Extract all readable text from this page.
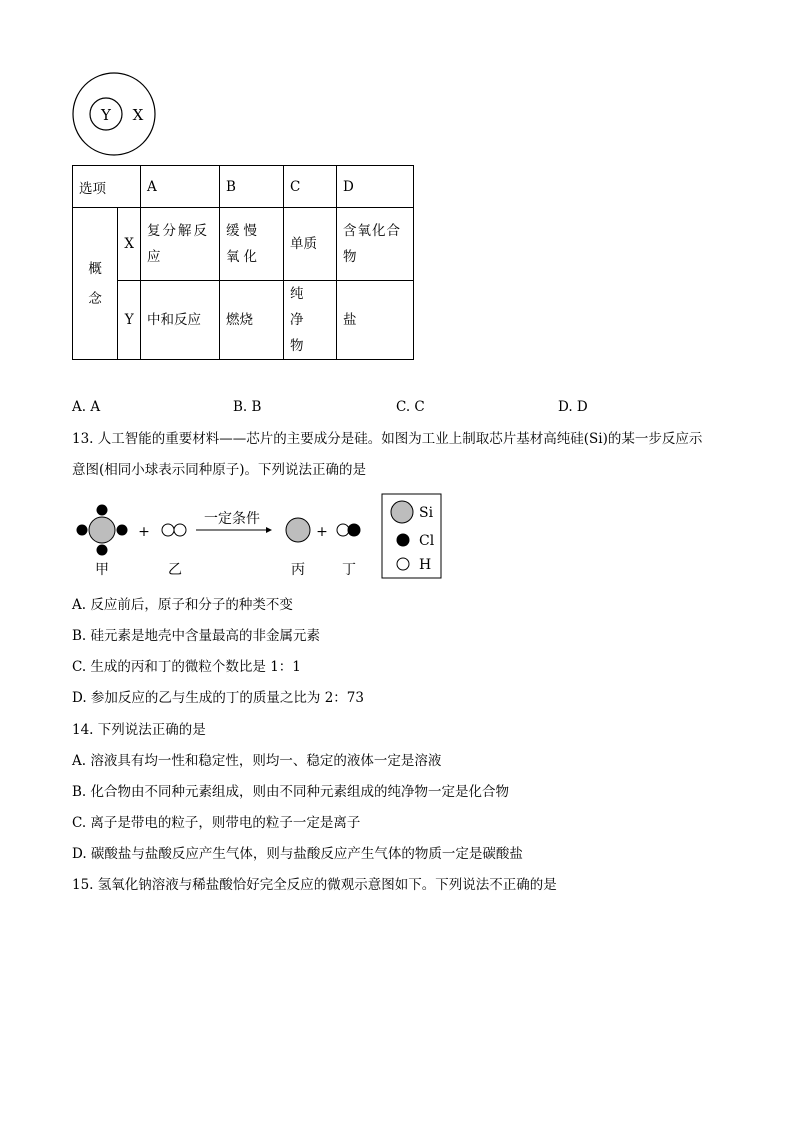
Y X
选项		A	B	C	D

概念	X	复分解反应	缓慢氧化	单质	含氧化合物

	Y	中和反应	燃烧	纯净物	盐
A. A	B. B	C. C	D. D
13. 人工智能的重要材料——芯片的主要成分是硅。如图为工业上制取芯片基材高纯硅(Si)的某一步反应示
意图(相同小球表示同种原子)。下列说法正确的是
+
一定条件
+
甲	乙	丙	丁
Si
Cl
H
A. 反应前后，原子和分子的种类不变
B. 硅元素是地壳中含量最高的非金属元素
C. 生成的丙和丁的微粒个数比是 1：1
D. 参加反应的乙与生成的丁的质量之比为 2：73
14. 下列说法正确的是
A. 溶液具有均一性和稳定性，则均一、稳定的液体一定是溶液
B. 化合物由不同种元素组成，则由不同种元素组成的纯净物一定是化合物
C. 离子是带电的粒子，则带电的粒子一定是离子
D. 碳酸盐与盐酸反应产生气体，则与盐酸反应产生气体的物质一定是碳酸盐
15. 氢氧化钠溶液与稀盐酸恰好完全反应的微观示意图如下。下列说法不正确的是
